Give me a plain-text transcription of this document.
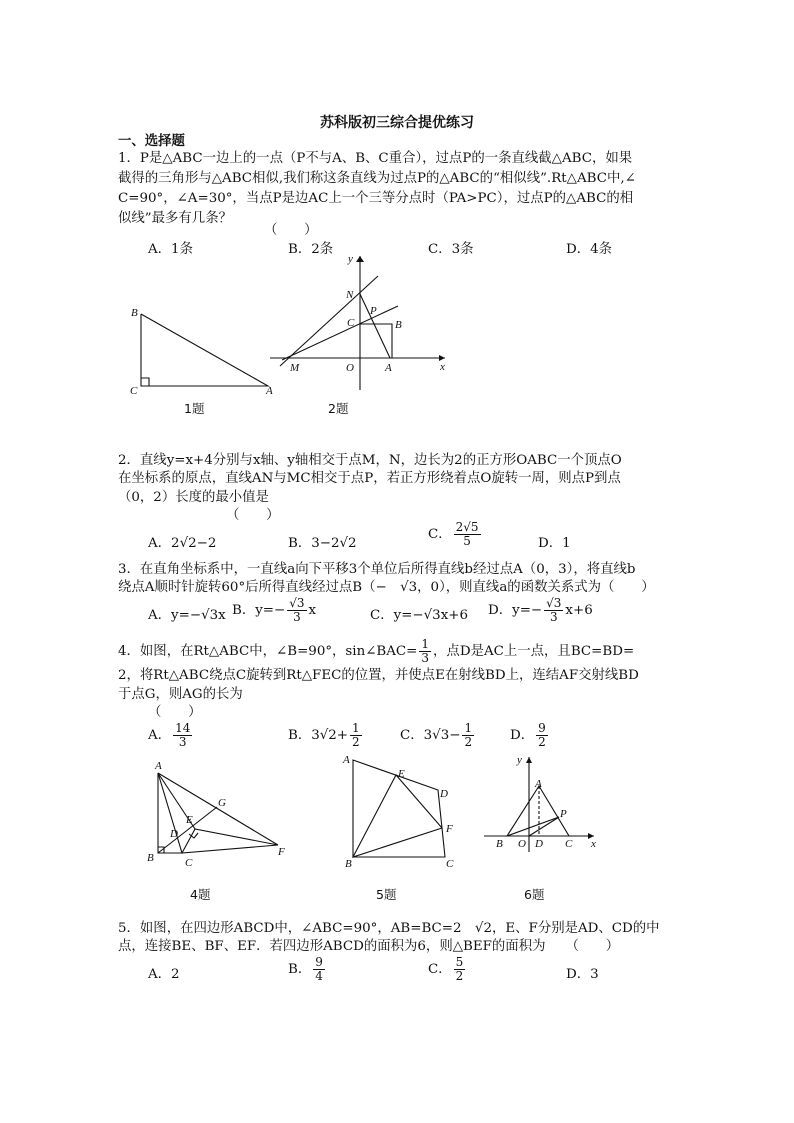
苏科版初三综合提优练习
一、选择题
1．P是△ABC一边上的一点（P不与A、B、C重合），过点P的一条直线截△ABC，如果
截得的三角形与△ABC相似,我们称这条直线为过点P的△ABC的“相似线”.Rt△ABC中,∠
C=90°，∠A=30°，当点P是边AC上一个三等分点时（PA>PC），过点P的△ABC的相
似线”最多有几条？
（　　）
A．1条	B．2条	C．3条	D．4条
B
C	A
1题
y
N
P
C	B
M	O	A	x
2题
2．直线y=x+4分别与x轴、y轴相交于点M，N，边长为2的正方形OABC一个顶点O
在坐标系的原点，直线AN与MC相交于点P，若正方形绕着点O旋转一周，则点P到点
（0，2）长度的最小值是
（　　）
A．2√2−2	B．3−2√2
C． $\frac{2√5}{5}$	D．1
3．在直角坐标系中，一直线a向下平移3个单位后所得直线b经过点A（0，3），将直线b
绕点A顺时针旋转60°后所得直线经过点B（−　√3，0），则直线a的函数关系式为（　　）
A．y=−√3x B．$y=- \frac{√3}{3}$ x	C．y=−√3x+6 D．$y=- \frac{√3}{3} x+6$
4．如图，在Rt△ABC中，∠B=90°，sin∠BAC= $\frac{1}{3}$ ，点D是AC上一点，且BC=BD=
2，将Rt△ABC绕点C旋转到Rt△FEC的位置，并使点E在射线BD上，连结AF交射线BD
于点G，则AG的长为
（　　）
A． $\frac{14}{3}$	B．$3√2+ \frac{1}{2}$	C．$3√3- \frac{1}{2}$	D． $\frac{9}{2}$
A
G
E
D
B	C
F
4题
A
E
D
F
B	C
5题
y
A
P
B O D C x
6题
5．如图，在四边形ABCD中，∠ABC=90°，AB=BC=2　√2，E、F分别是AD、CD的中
点，连接BE、BF、EF．若四边形ABCD的面积为6，则△BEF的面积为　　（　　）
A．2	B． $\frac{9}{4}$	C． $\frac{5}{2}$	D．3
